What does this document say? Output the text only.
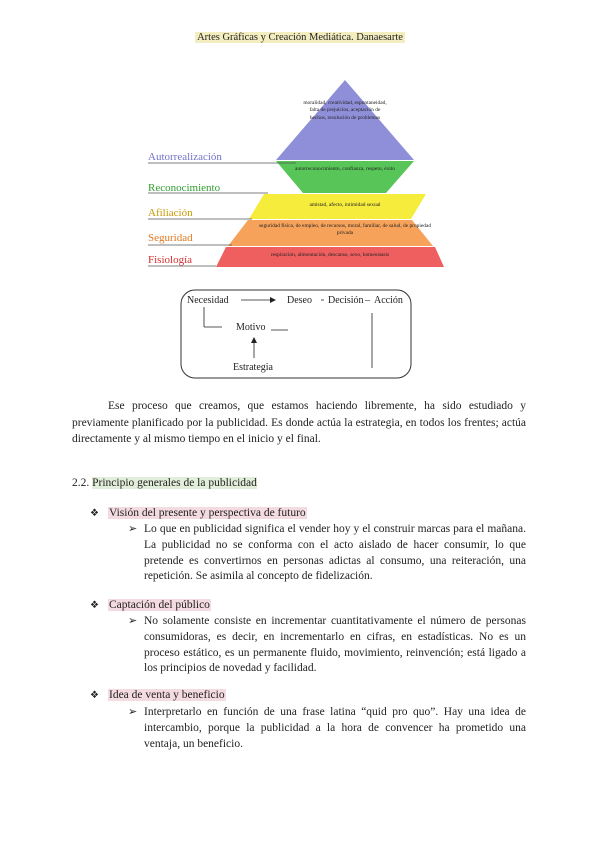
Artes Gráficas y Creación Mediática. Danaesarte
Autorrealización
Reconocimiento
Afiliación
Seguridad
Fisiología
moralidad, creatividad, espontaneidad, falta de prejuicios, aceptación de hechos, resolución de problemas
autorreconocimiento, confianza, respeto, éxito
amistad, afecto, intimidad sexual
seguridad física, de empleo, de recursos, moral, familiar, de salud, de propiedad privada
respiración, alimentación, descanso, sexo, homeostasis
Necesidad	Deseo Decisión – Acción
Motivo
Estrategia
Ese proceso que creamos, que estamos haciendo libremente, ha sido estudiado y previamente planificado por la publicidad. Es donde actúa la estrategia, en todos los frentes; actúa directamente y al mismo tiempo en el inicio y el final.
2.2. Principio generales de la publicidad
❖ Visión del presente y perspectiva de futuro
➢ Lo que en publicidad significa el vender hoy y el construir marcas para el mañana. La publicidad no se conforma con el acto aislado de hacer consumir, lo que pretende es convertirnos en personas adictas al consumo, una reiteración, una repetición. Se asimila al concepto de fidelización.
❖ Captación del público
➢ No solamente consiste en incrementar cuantitativamente el número de personas consumidoras, es decir, en incrementarlo en cifras, en estadísticas. No es un proceso estático, es un permanente fluido, movimiento, reinvención; está ligado a los principios de novedad y facilidad.
❖ Idea de venta y beneficio
➢ Interpretarlo en función de una frase latina “quid pro quo”. Hay una idea de intercambio, porque la publicidad a la hora de convencer ha prometido una ventaja, un beneficio.
